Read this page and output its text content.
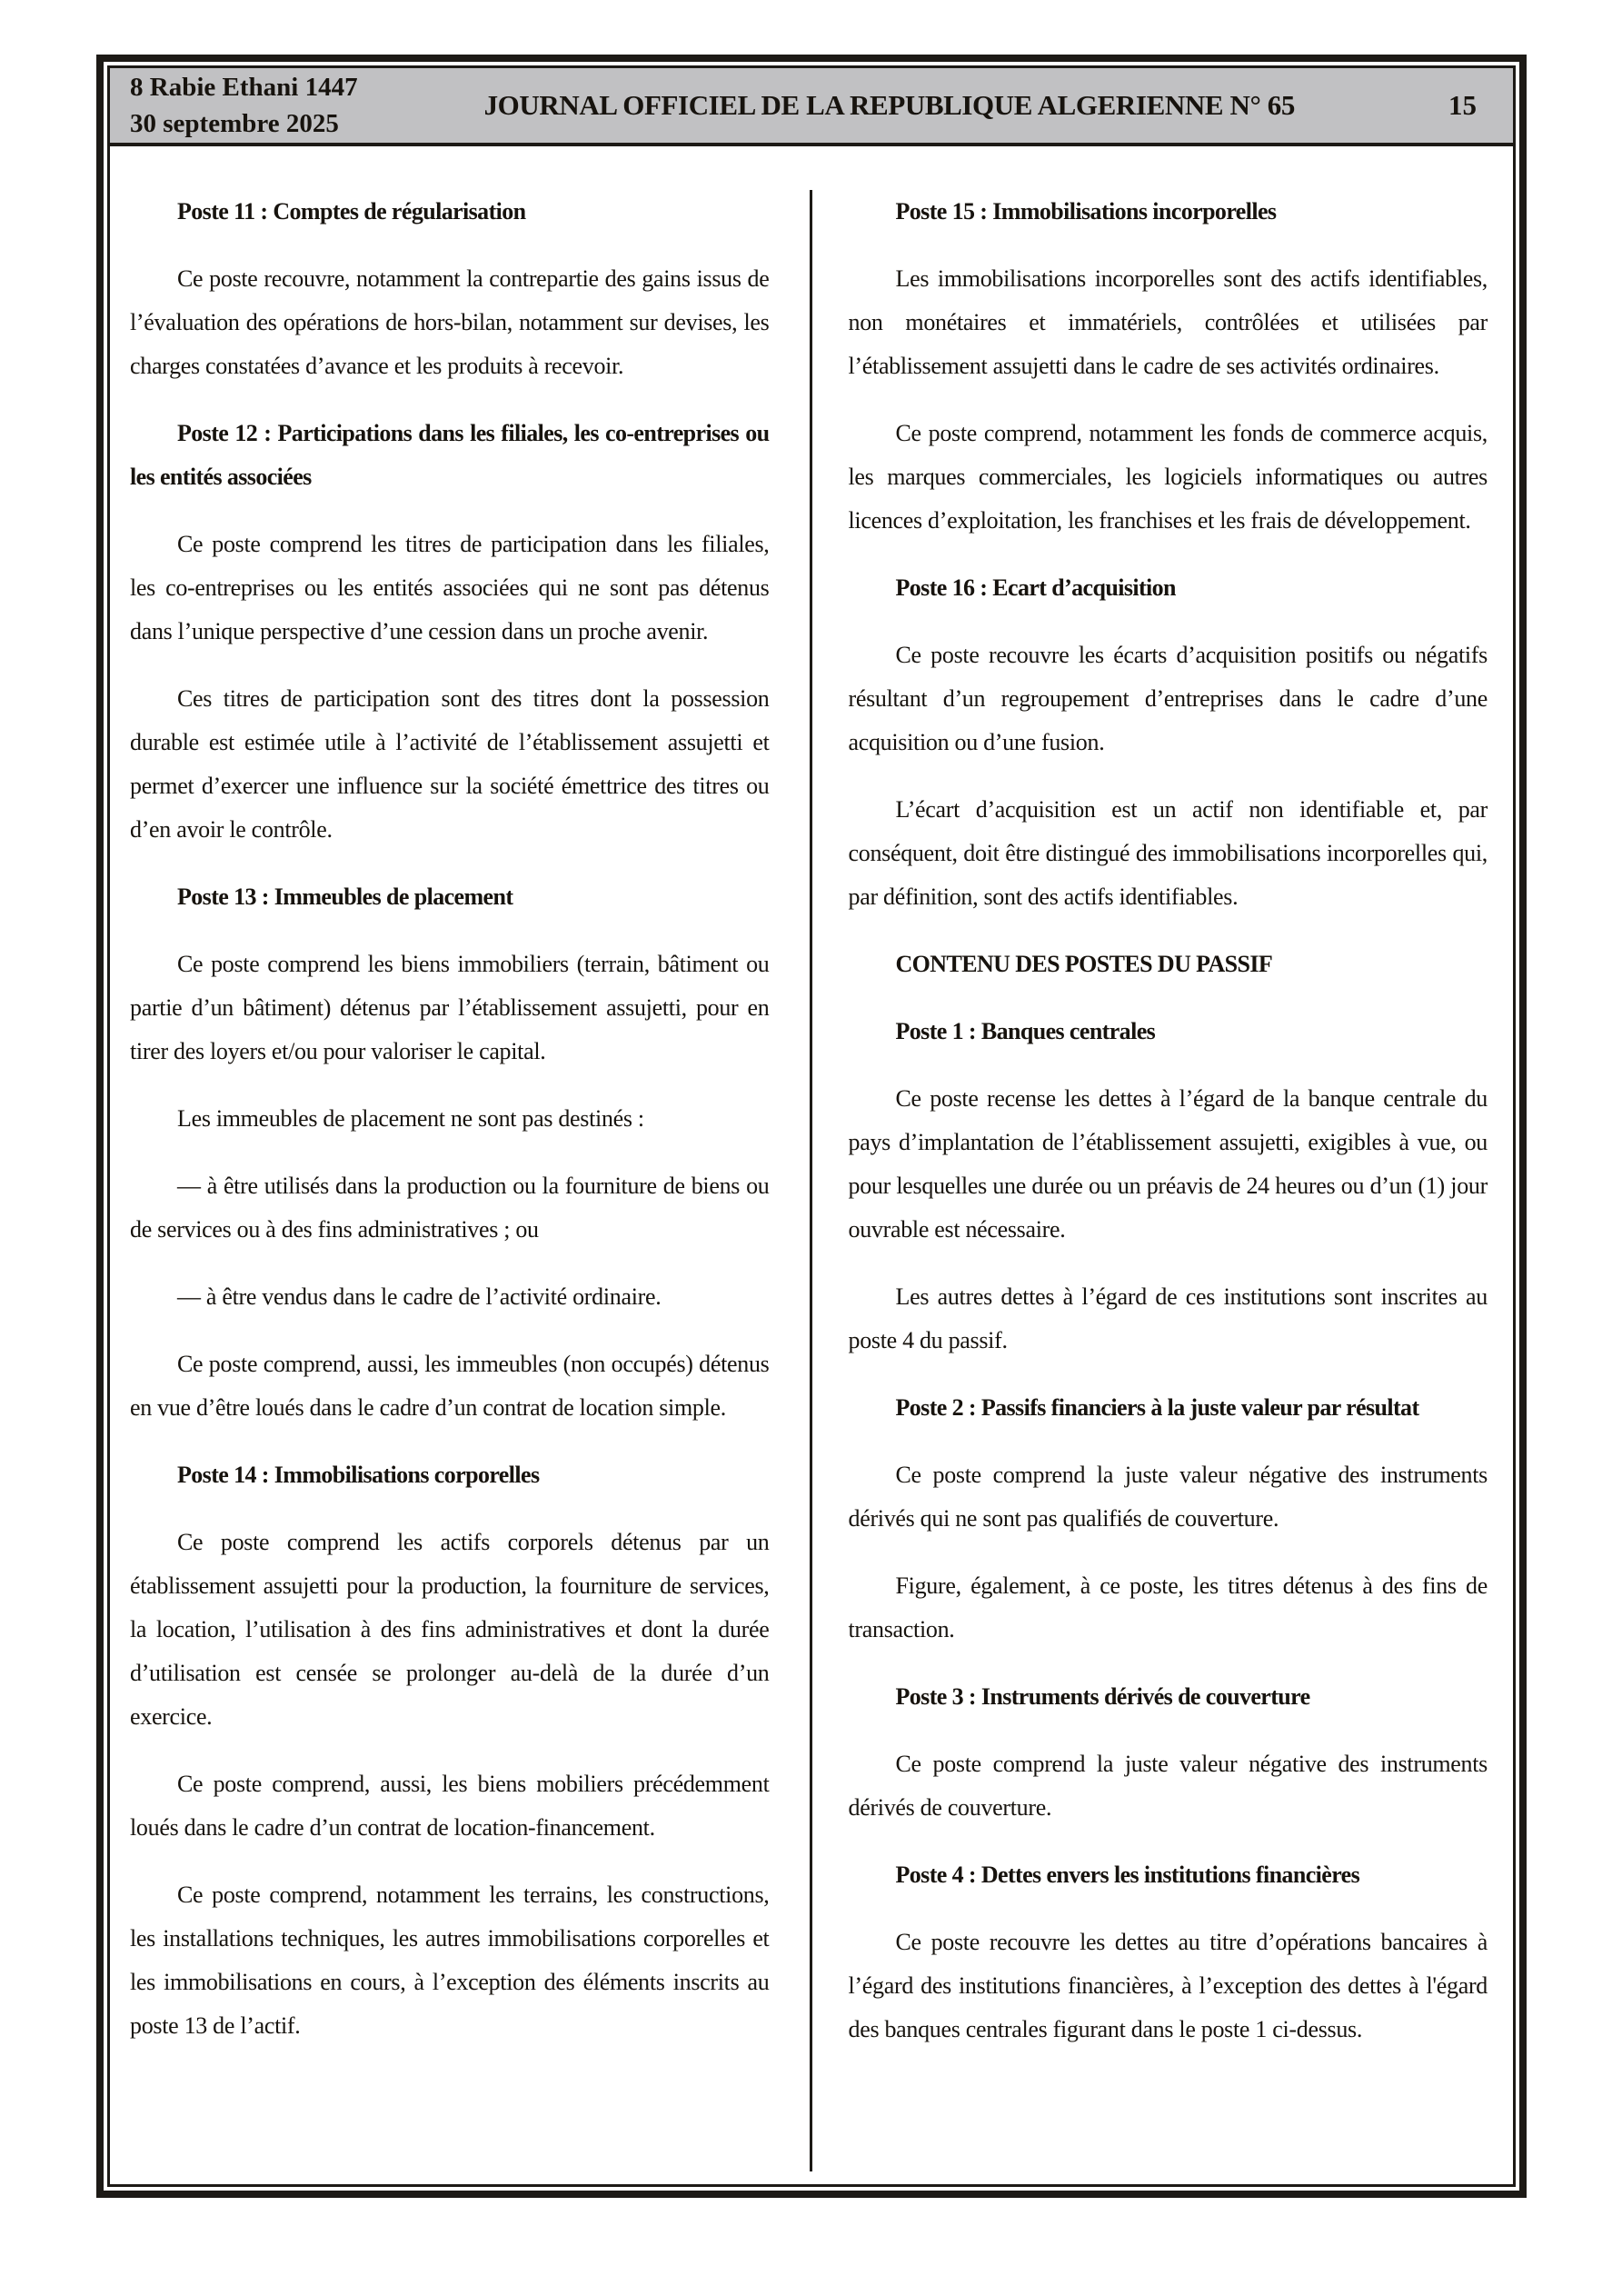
8 Rabie Ethani 1447
30 septembre 2025
JOURNAL OFFICIEL DE LA REPUBLIQUE ALGERIENNE N° 65	15
Poste 11 : Comptes de régularisation

Ce poste recouvre, notamment la contrepartie des gains issus de l’évaluation des opérations de hors-bilan, notamment sur devises, les charges constatées d’avance et les produits à recevoir.

Poste 12 : Participations dans les filiales, les co-entreprises ou les entités associées

Ce poste comprend les titres de participation dans les filiales, les co-entreprises ou les entités associées qui ne sont pas détenus dans l’unique perspective d’une cession dans un proche avenir.

Ces titres de participation sont des titres dont la possession durable est estimée utile à l’activité de l’établissement assujetti et permet d’exercer une influence sur la société émettrice des titres ou d’en avoir le contrôle.

Poste 13 : Immeubles de placement

Ce poste comprend les biens immobiliers (terrain, bâtiment ou partie d’un bâtiment) détenus par l’établissement assujetti, pour en tirer des loyers et/ou pour valoriser le capital.

Les immeubles de placement ne sont pas destinés :

— à être utilisés dans la production ou la fourniture de biens ou de services ou à des fins administratives ; ou

— à être vendus dans le cadre de l’activité ordinaire.

Ce poste comprend, aussi, les immeubles (non occupés) détenus en vue d’être loués dans le cadre d’un contrat de location simple.

Poste 14 : Immobilisations corporelles

Ce poste comprend les actifs corporels détenus par un établissement assujetti pour la production, la fourniture de services, la location, l’utilisation à des fins administratives et dont la durée d’utilisation est censée se prolonger au-delà de la durée d’un exercice.

Ce poste comprend, aussi, les biens mobiliers précédemment loués dans le cadre d’un contrat de location-financement.

Ce poste comprend, notamment les terrains, les constructions, les installations techniques, les autres immobilisations corporelles et les immobilisations en cours, à l’exception des éléments inscrits au poste 13 de l’actif.

Poste 15 : Immobilisations incorporelles

Les immobilisations incorporelles sont des actifs identifiables, non monétaires et immatériels, contrôlées et utilisées par l’établissement assujetti dans le cadre de ses activités ordinaires.

Ce poste comprend, notamment les fonds de commerce acquis, les marques commerciales, les logiciels informatiques ou autres licences d’exploitation, les franchises et les frais de développement.

Poste 16 : Ecart d’acquisition

Ce poste recouvre les écarts d’acquisition positifs ou négatifs résultant d’un regroupement d’entreprises dans le cadre d’une acquisition ou d’une fusion.

L’écart d’acquisition est un actif non identifiable et, par conséquent, doit être distingué des immobilisations incorporelles qui, par définition, sont des actifs identifiables.

CONTENU DES POSTES DU PASSIF
Poste 1 : Banques centrales

Ce poste recense les dettes à l’égard de la banque centrale du pays d’implantation de l’établissement assujetti, exigibles à vue, ou pour lesquelles une durée ou un préavis de 24 heures ou d’un (1) jour ouvrable est nécessaire.

Les autres dettes à l’égard de ces institutions sont inscrites au poste 4 du passif.

Poste 2 : Passifs financiers à la juste valeur par résultat

Ce poste comprend la juste valeur négative des instruments dérivés qui ne sont pas qualifiés de couverture.

Figure, également, à ce poste, les titres détenus à des fins de transaction.

Poste 3 : Instruments dérivés de couverture

Ce poste comprend la juste valeur négative des instruments dérivés de couverture.

Poste 4 : Dettes envers les institutions financières

Ce poste recouvre les dettes au titre d’opérations bancaires à l’égard des institutions financières, à l’exception des dettes à l'égard des banques centrales figurant dans le poste 1 ci-dessus.
